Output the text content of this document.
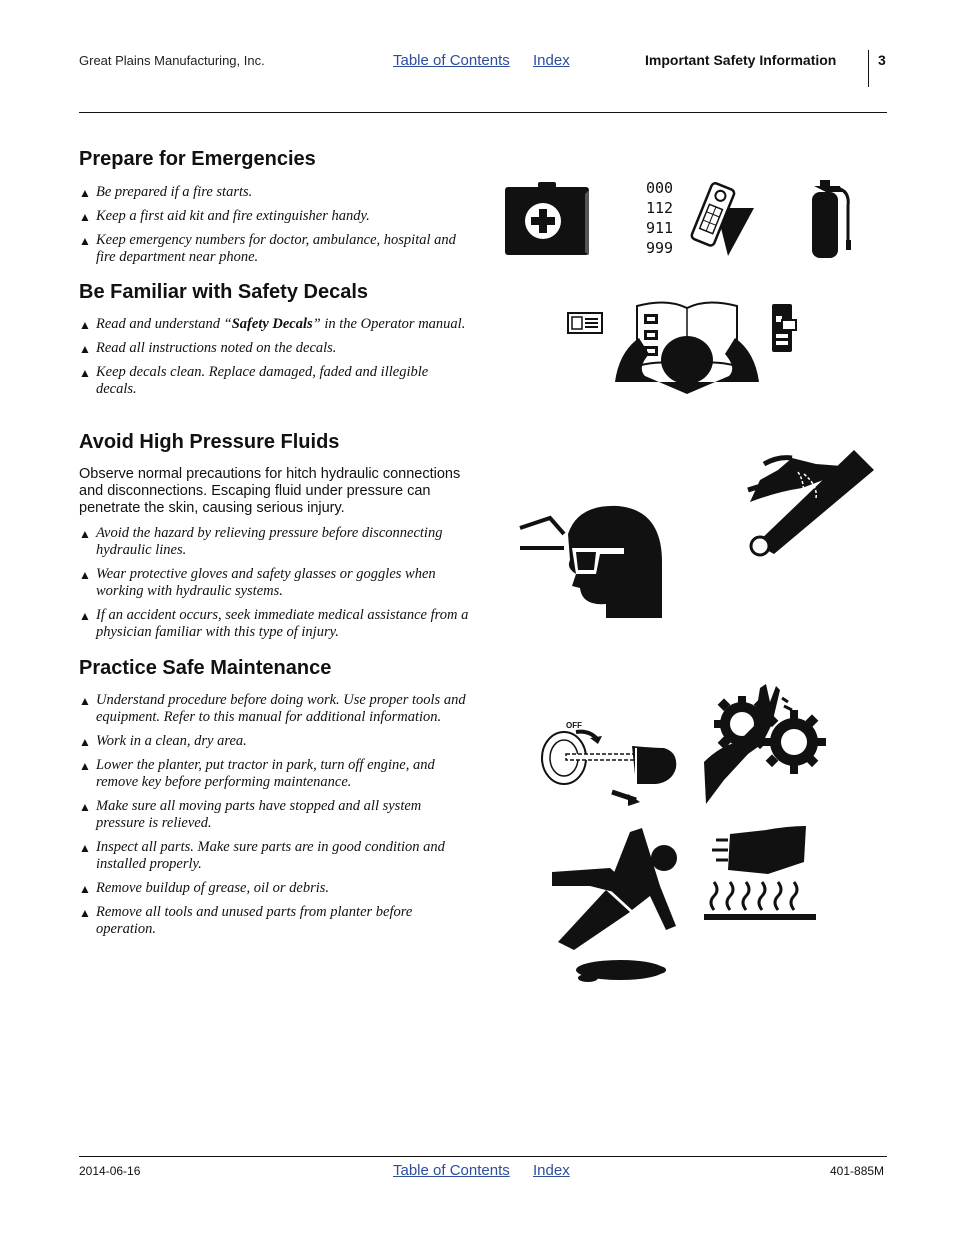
Great Plains Manufacturing, Inc.	Table of Contents Index	Important Safety Information	3
Prepare for Emergencies
▲ Be prepared if a fire starts.
▲ Keep a first aid kit and fire extinguisher handy.
▲ Keep emergency numbers for doctor, ambulance, hospital and fire department near phone.
Be Familiar with Safety Decals
▲ Read and understand “Safety Decals” in the Operator manual.
▲ Read all instructions noted on the decals.
▲ Keep decals clean. Replace damaged, faded and illegible decals.
Avoid High Pressure Fluids

Observe normal precautions for hitch hydraulic connections and disconnections. Escaping fluid under pressure can penetrate the skin, causing serious injury.

▲ Avoid the hazard by relieving pressure before disconnecting hydraulic lines.
▲ Wear protective gloves and safety glasses or goggles when working with hydraulic systems.
▲ If an accident occurs, seek immediate medical assistance from a physician familiar with this type of injury.
Practice Safe Maintenance
▲ Understand procedure before doing work. Use proper tools and equipment. Refer to this manual for additional information.
▲ Work in a clean, dry area.
▲ Lower the planter, put tractor in park, turn off engine, and remove key before performing maintenance.
▲ Make sure all moving parts have stopped and all system pressure is relieved.
▲ Inspect all parts. Make sure parts are in good condition and installed properly.
▲ Remove buildup of grease, oil or debris.
▲ Remove all tools and unused parts from planter before operation.
000
112
911
999
OFF
2014-06-16	Table of Contents Index	401-885M
